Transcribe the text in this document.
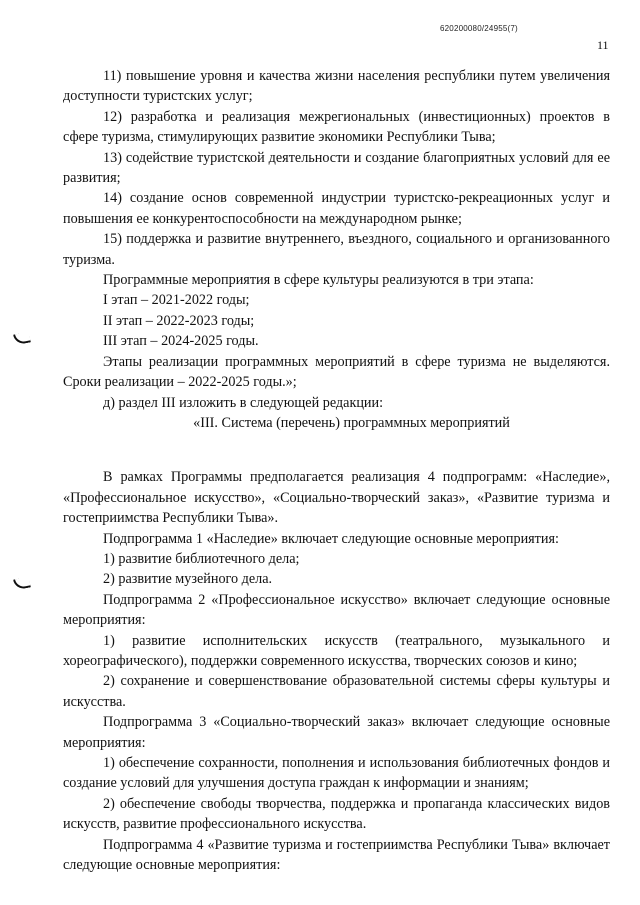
620200080/24955(7)
11

11) повышение уровня и качества жизни населения республики путем увеличения доступности туристских услуг;

12) разработка и реализация межрегиональных (инвестиционных) проектов в сфере туризма, стимулирующих развитие экономики Республики Тыва;

13) содействие туристской деятельности и создание благоприятных условий для ее развития;

14) создание основ современной индустрии туристско-рекреационных услуг и повышения ее конкурентоспособности на международном рынке;

15) поддержка и развитие внутреннего, въездного, социального и организованного туризма.

Программные мероприятия в сфере культуры реализуются в три этапа:

I этап – 2021-2022 годы;

II этап – 2022-2023 годы;

III этап – 2024-2025 годы.

Этапы реализации программных мероприятий в сфере туризма не выделяются. Сроки реализации – 2022-2025 годы.»;

д) раздел III изложить в следующей редакции:

«III. Система (перечень) программных мероприятий

В рамках Программы предполагается реализация 4 подпрограмм: «Наследие», «Профессиональное искусство», «Социально-творческий заказ», «Развитие туризма и гостеприимства Республики Тыва».

Подпрограмма 1 «Наследие» включает следующие основные мероприятия:

1) развитие библиотечного дела;

2) развитие музейного дела.

Подпрограмма 2 «Профессиональное искусство» включает следующие основные мероприятия:

1) развитие исполнительских искусств (театрального, музыкального и хореографического), поддержки современного искусства, творческих союзов и кино;

2) сохранение и совершенствование образовательной системы сферы культуры и искусства.

Подпрограмма 3 «Социально-творческий заказ» включает следующие основные мероприятия:

1) обеспечение сохранности, пополнения и использования библиотечных фондов и создание условий для улучшения доступа граждан к информации и знаниям;

2) обеспечение свободы творчества, поддержка и пропаганда классических видов искусств, развитие профессионального искусства.

Подпрограмма 4 «Развитие туризма и гостеприимства Республики Тыва» включает следующие основные мероприятия:
